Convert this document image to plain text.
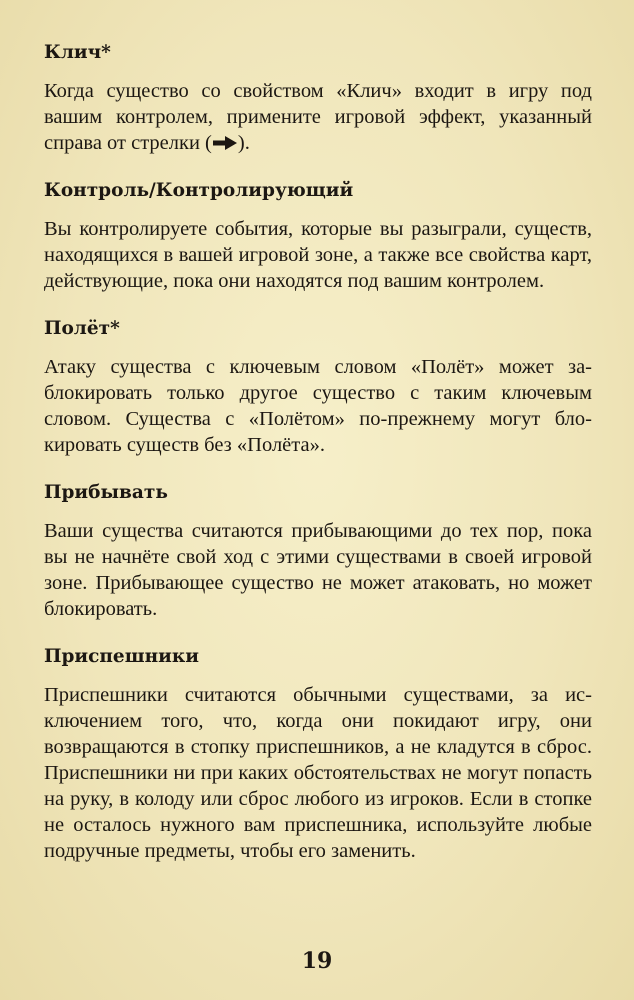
Клич*

Когда существо со свойством «Клич» входит в игру под вашим контролем, примените игровой эффект, указанный справа от стрелки ( ).

Контроль/Контролирующий

Вы контролируете события, которые вы разыграли, существ, находящихся в вашей игровой зоне, а также все свойства карт, действующие, пока они находятся под вашим контролем.

Полёт*

Атаку существа с ключевым словом «Полёт» может заблокировать только другое существо с таким ключевым словом. Существа с «Полётом» по-прежнему могут блокировать существ без «Полёта».

Прибывать

Ваши существа считаются прибывающими до тех пор, пока вы не начнёте свой ход с этими существами в своей игровой зоне. Прибывающее существо не может атаковать, но может блокировать.

Приспешники

Приспешники считаются обычными существами, за исключением того, что, когда они покидают игру, они возвращаются в стопку приспешников, а не кладутся в сброс. Приспешники ни при каких обстоятельствах не могут попасть на руку, в колоду или сброс любого из игроков. Если в стопке не осталось нужного вам приспешника, используйте любые подручные предметы, чтобы его заменить.

19
